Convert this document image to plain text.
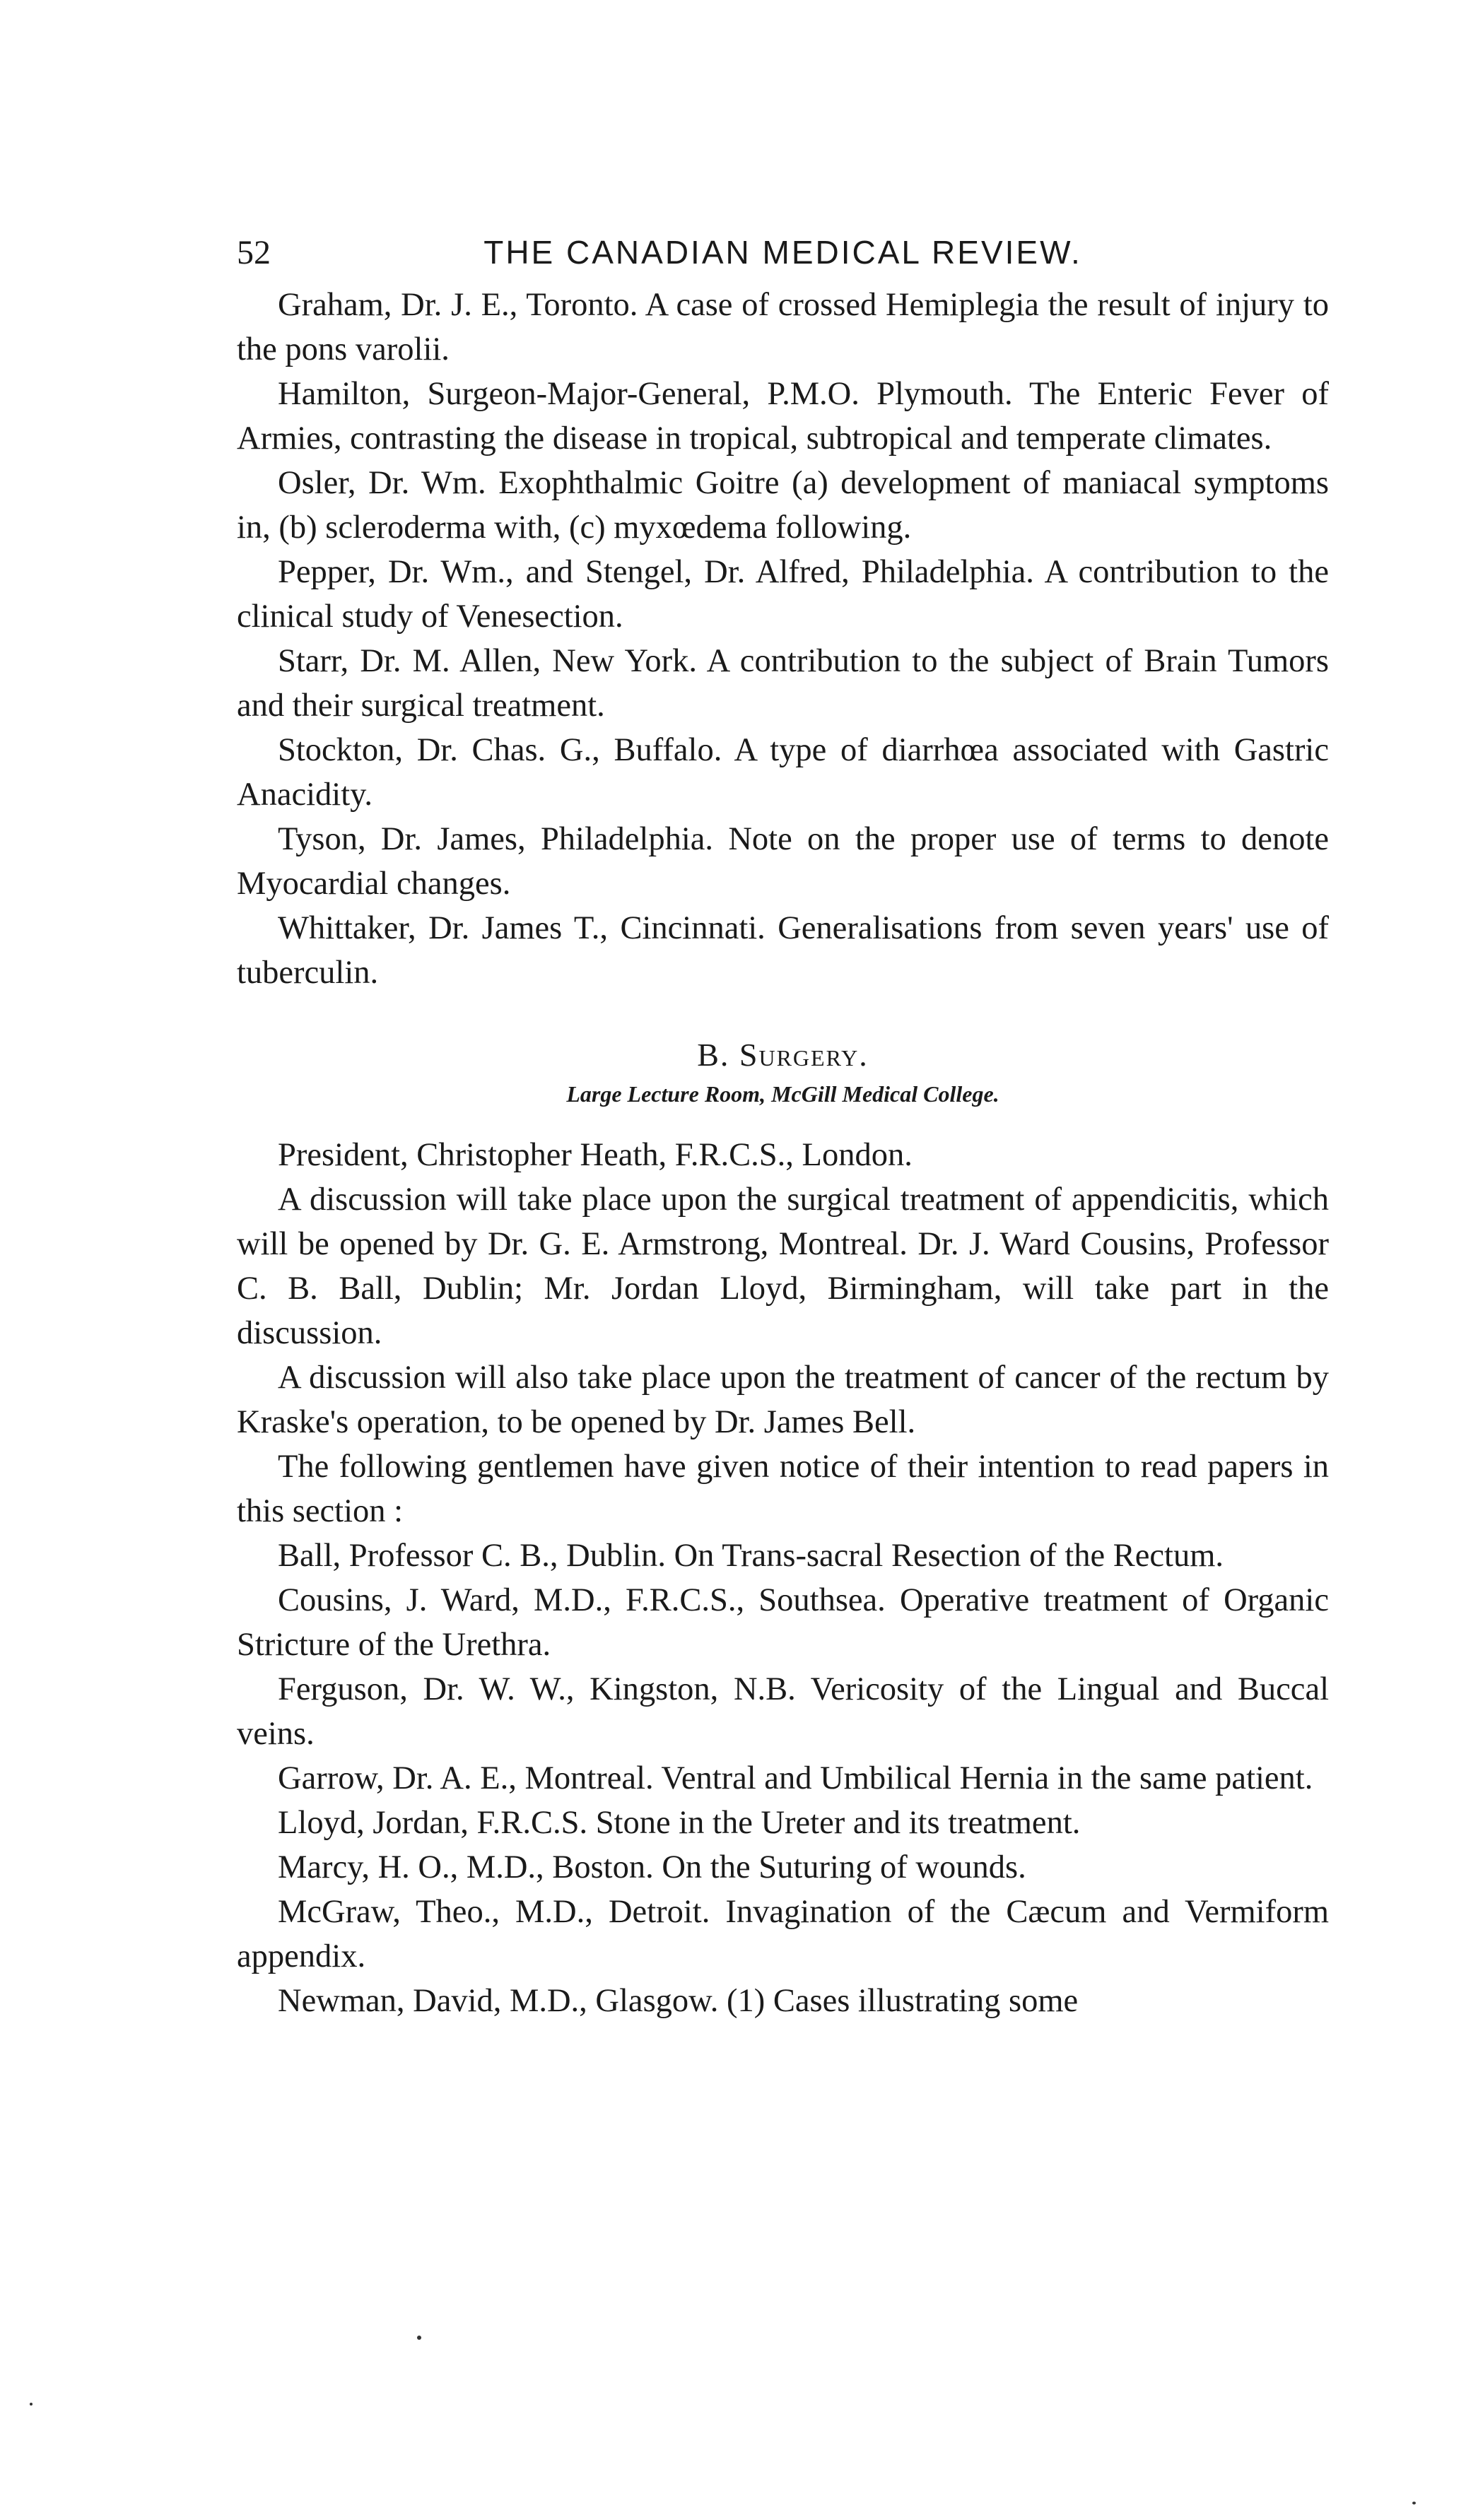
52	THE CANADIAN MEDICAL REVIEW.

Graham, Dr. J. E., Toronto. A case of crossed Hemiplegia the result of injury to the pons varolii.

Hamilton, Surgeon-Major-General, P.M.O. Plymouth. The Enteric Fever of Armies, contrasting the disease in tropical, subtropical and temperate climates.

Osler, Dr. Wm. Exophthalmic Goitre (a) development of maniacal symptoms in, (b) scleroderma with, (c) myxœdema following.

Pepper, Dr. Wm., and Stengel, Dr. Alfred, Philadelphia. A contribution to the clinical study of Venesection.

Starr, Dr. M. Allen, New York. A contribution to the subject of Brain Tumors and their surgical treatment.

Stockton, Dr. Chas. G., Buffalo. A type of diarrhœa associated with Gastric Anacidity.

Tyson, Dr. James, Philadelphia. Note on the proper use of terms to denote Myocardial changes.

Whittaker, Dr. James T., Cincinnati. Generalisations from seven years' use of tuberculin.

B. Surgery.
Large Lecture Room, McGill Medical College.

President, Christopher Heath, F.R.C.S., London.

A discussion will take place upon the surgical treatment of appendicitis, which will be opened by Dr. G. E. Armstrong, Montreal. Dr. J. Ward Cousins, Professor C. B. Ball, Dublin; Mr. Jordan Lloyd, Birmingham, will take part in the discussion.

A discussion will also take place upon the treatment of cancer of the rectum by Kraske's operation, to be opened by Dr. James Bell.

The following gentlemen have given notice of their intention to read papers in this section :

Ball, Professor C. B., Dublin. On Trans-sacral Resection of the Rectum.

Cousins, J. Ward, M.D., F.R.C.S., Southsea. Operative treatment of Organic Stricture of the Urethra.

Ferguson, Dr. W. W., Kingston, N.B. Vericosity of the Lingual and Buccal veins.

Garrow, Dr. A. E., Montreal. Ventral and Umbilical Hernia in the same patient.

Lloyd, Jordan, F.R.C.S. Stone in the Ureter and its treatment.

Marcy, H. O., M.D., Boston. On the Suturing of wounds.

McGraw, Theo., M.D., Detroit. Invagination of the Cæcum and Vermiform appendix.

Newman, David, M.D., Glasgow. (1) Cases illustrating some
